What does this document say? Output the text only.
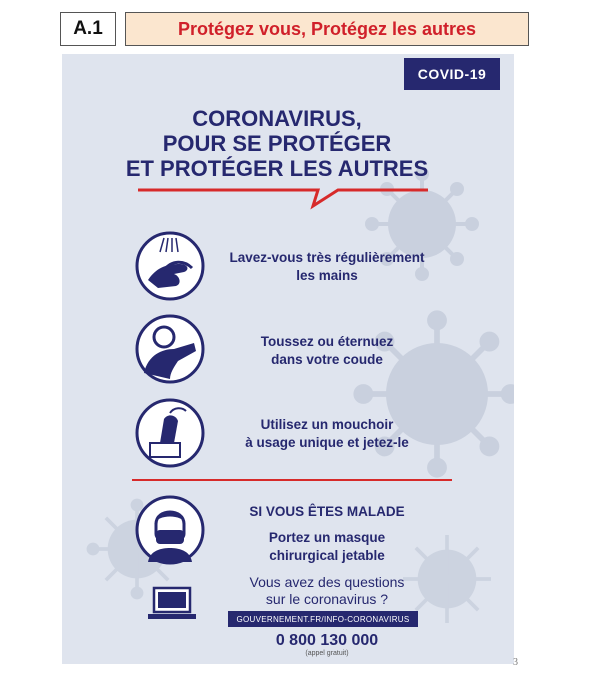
A.1	Protégez vous, Protégez les autres
COVID-19
CORONAVIRUS,
POUR SE PROTÉGER
ET PROTÉGER LES AUTRES
Lavez-vous très régulièrement
les mains
Toussez ou éternuez
dans votre coude
Utilisez un mouchoir
à usage unique et jetez-le
SI VOUS ÊTES MALADE
Portez un masque
chirurgical jetable
Vous avez des questions
sur le coronavirus ?
GOUVERNEMENT.FR/INFO-CORONAVIRUS
0 800 130 000
(appel gratuit)
3
